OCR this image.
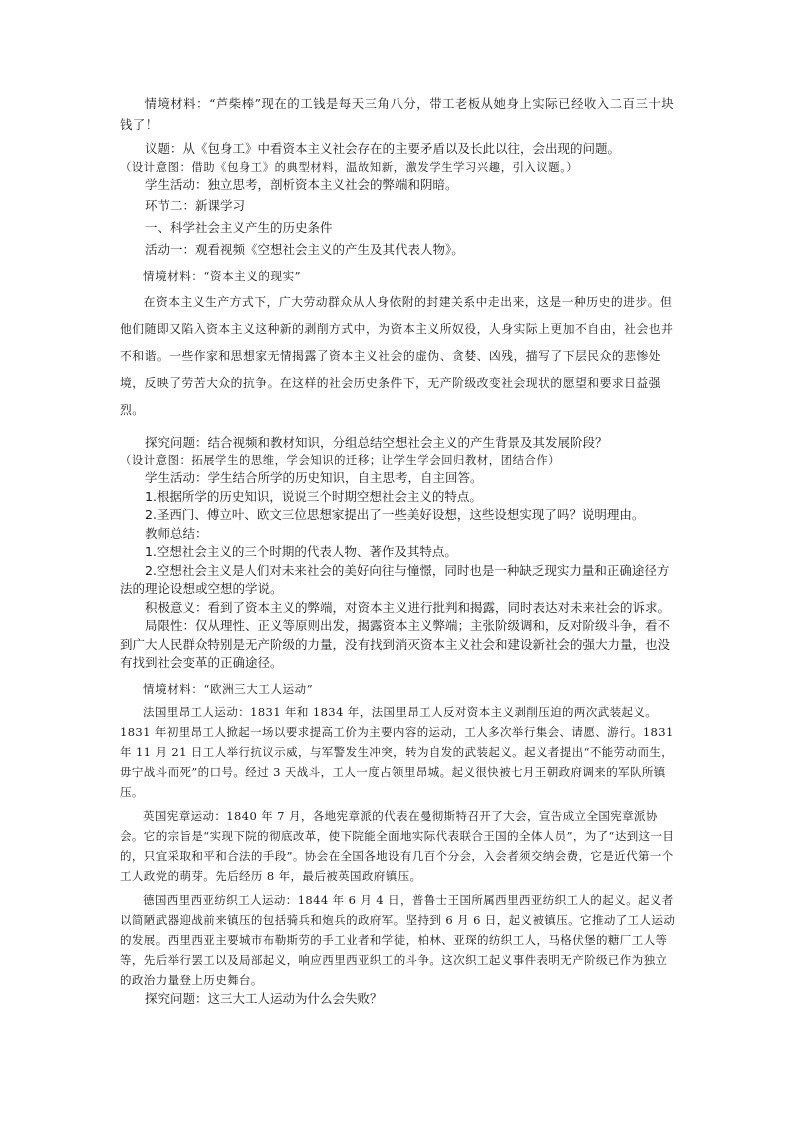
情境材料：“芦柴棒”现在的工钱是每天三角八分，带工老板从她身上实际已经收入二百三十块钱了！

议题：从《包身工》中看资本主义社会存在的主要矛盾以及长此以往，会出现的问题。

（设计意图：借助《包身工》的典型材料，温故知新，激发学生学习兴趣，引入议题。）

学生活动：独立思考，剖析资本主义社会的弊端和阴暗。

环节二：新课学习

一、科学社会主义产生的历史条件

活动一：观看视频《空想社会主义的产生及其代表人物》。

情境材料：“资本主义的现实”

在资本主义生产方式下，广大劳动群众从人身依附的封建关系中走出来，这是一种历史的进步。但他们随即又陷入资本主义这种新的剥削方式中，为资本主义所奴役，人身实际上更加不自由，社会也并不和谐。一些作家和思想家无情揭露了资本主义社会的虚伪、贪婪、凶残，描写了下层民众的悲惨处境，反映了劳苦大众的抗争。在这样的社会历史条件下，无产阶级改变社会现状的愿望和要求日益强烈。

探究问题：结合视频和教材知识，分组总结空想社会主义的产生背景及其发展阶段？

（设计意图：拓展学生的思维，学会知识的迁移；让学生学会回归教材，团结合作）

学生活动：学生结合所学的历史知识，自主思考，自主回答。

1.根据所学的历史知识，说说三个时期空想社会主义的特点。

2.圣西门、傅立叶、欧文三位思想家提出了一些美好设想，这些设想实现了吗？说明理由。

教师总结：

1.空想社会主义的三个时期的代表人物、著作及其特点。

2.空想社会主义是人们对未来社会的美好向往与憧憬，同时也是一种缺乏现实力量和正确途径方法的理论设想或空想的学说。

积极意义：看到了资本主义的弊端，对资本主义进行批判和揭露，同时表达对未来社会的诉求。

局限性：仅从理性、正义等原则出发，揭露资本主义弊端；主张阶级调和，反对阶级斗争，看不到广大人民群众特别是无产阶级的力量，没有找到消灭资本主义社会和建设新社会的强大力量，也没有找到社会变革的正确途径。

情境材料：“欧洲三大工人运动”

法国里昂工人运动：1831 年和 1834 年，法国里昂工人反对资本主义剥削压迫的两次武装起义。1831 年初里昂工人掀起一场以要求提高工价为主要内容的运动，工人多次举行集会、请愿、游行。1831 年 11 月 21 日工人举行抗议示威，与军警发生冲突，转为自发的武装起义。起义者提出“不能劳动而生，毋宁战斗而死”的口号。经过 3 天战斗，工人一度占领里昂城。起义很快被七月王朝政府调来的军队所镇压。

英国宪章运动：1840 年 7 月，各地宪章派的代表在曼彻斯特召开了大会，宣告成立全国宪章派协会。它的宗旨是“实现下院的彻底改革，使下院能全面地实际代表联合王国的全体人员”，为了“达到这一目的，只宜采取和平和合法的手段”。协会在全国各地设有几百个分会，入会者须交纳会费，它是近代第一个工人政党的萌芽。先后经历 8 年，最后被英国政府镇压。

德国西里西亚纺织工人运动：1844 年 6 月 4 日，普鲁士王国所属西里西亚纺织工人的起义。起义者以简陋武器迎战前来镇压的包括骑兵和炮兵的政府军。坚持到 6 月 6 日，起义被镇压。它推动了工人运动的发展。西里西亚主要城市布勒斯劳的手工业者和学徒，柏林、亚琛的纺织工人，马格伏堡的糖厂工人等等，先后举行罢工以及局部起义，响应西里西亚织工的斗争。这次织工起义事件表明无产阶级已作为独立的政治力量登上历史舞台。

探究问题：这三大工人运动为什么会失败？
